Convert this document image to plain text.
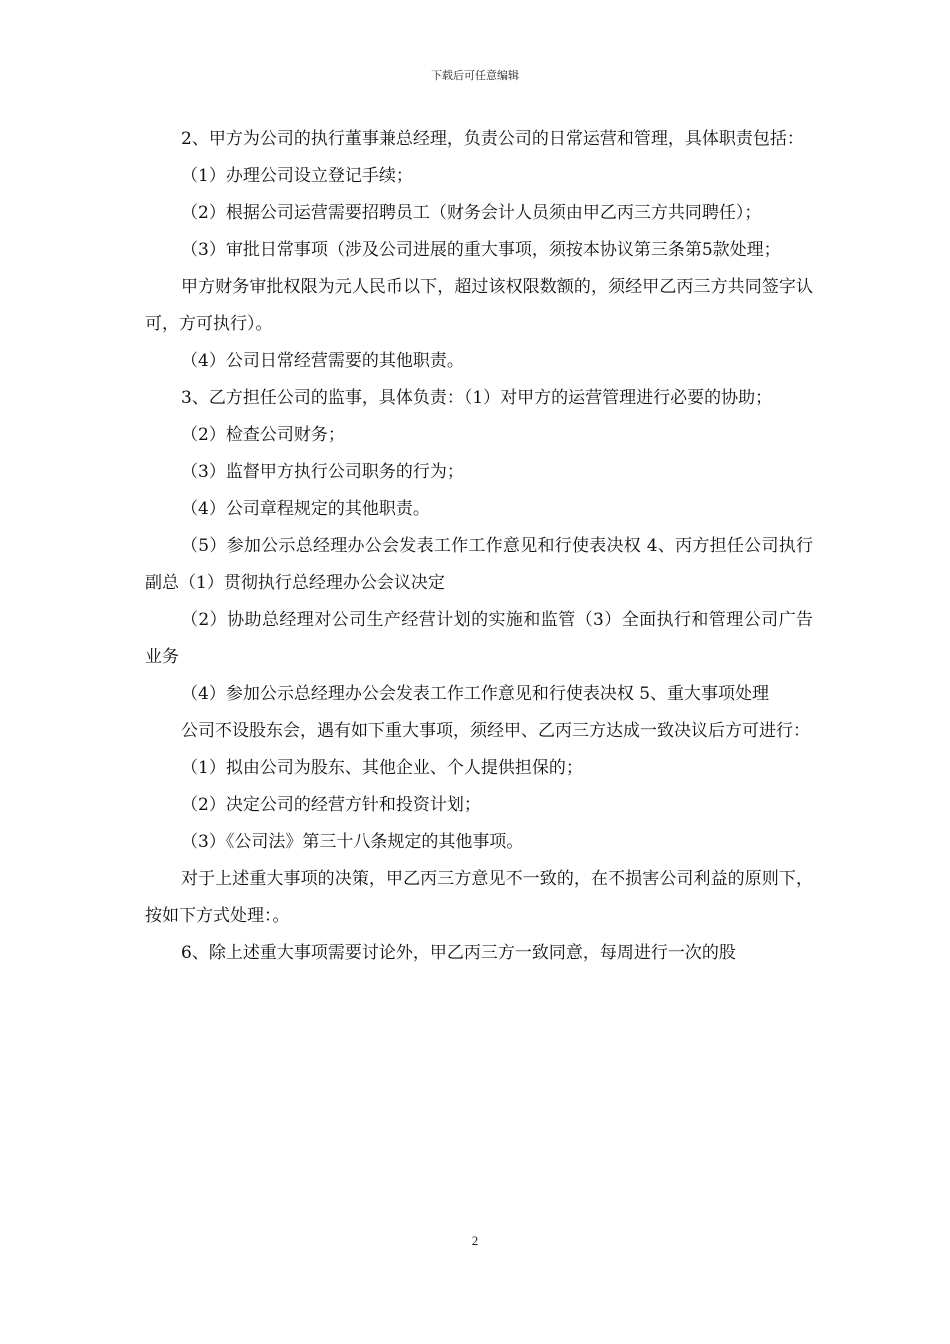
下载后可任意编辑

2、甲方为公司的执行董事兼总经理，负责公司的日常运营和管理，具体职责包括：

（1）办理公司设立登记手续；

（2）根据公司运营需要招聘员工（财务会计人员须由甲乙丙三方共同聘任）；

（3）审批日常事项（涉及公司进展的重大事项，须按本协议第三条第5款处理；

甲方财务审批权限为元人民币以下，超过该权限数额的，须经甲乙丙三方共同签字认可，方可执行）。

（4）公司日常经营需要的其他职责。

3、乙方担任公司的监事，具体负责：（1）对甲方的运营管理进行必要的协助；

（2）检查公司财务；

（3）监督甲方执行公司职务的行为；

（4）公司章程规定的其他职责。

（5）参加公示总经理办公会发表工作工作意见和行使表决权 4、丙方担任公司执行副总（1）贯彻执行总经理办公会议决定

（2）协助总经理对公司生产经营计划的实施和监管（3）全面执行和管理公司广告业务

（4）参加公示总经理办公会发表工作工作意见和行使表决权 5、重大事项处理

公司不设股东会，遇有如下重大事项，须经甲、乙丙三方达成一致决议后方可进行：

（1）拟由公司为股东、其他企业、个人提供担保的；

（2）决定公司的经营方针和投资计划；

（3）《公司法》第三十八条规定的其他事项。

对于上述重大事项的决策，甲乙丙三方意见不一致的，在不损害公司利益的原则下，按如下方式处理：。

6、除上述重大事项需要讨论外，甲乙丙三方一致同意，每周进行一次的股

2
